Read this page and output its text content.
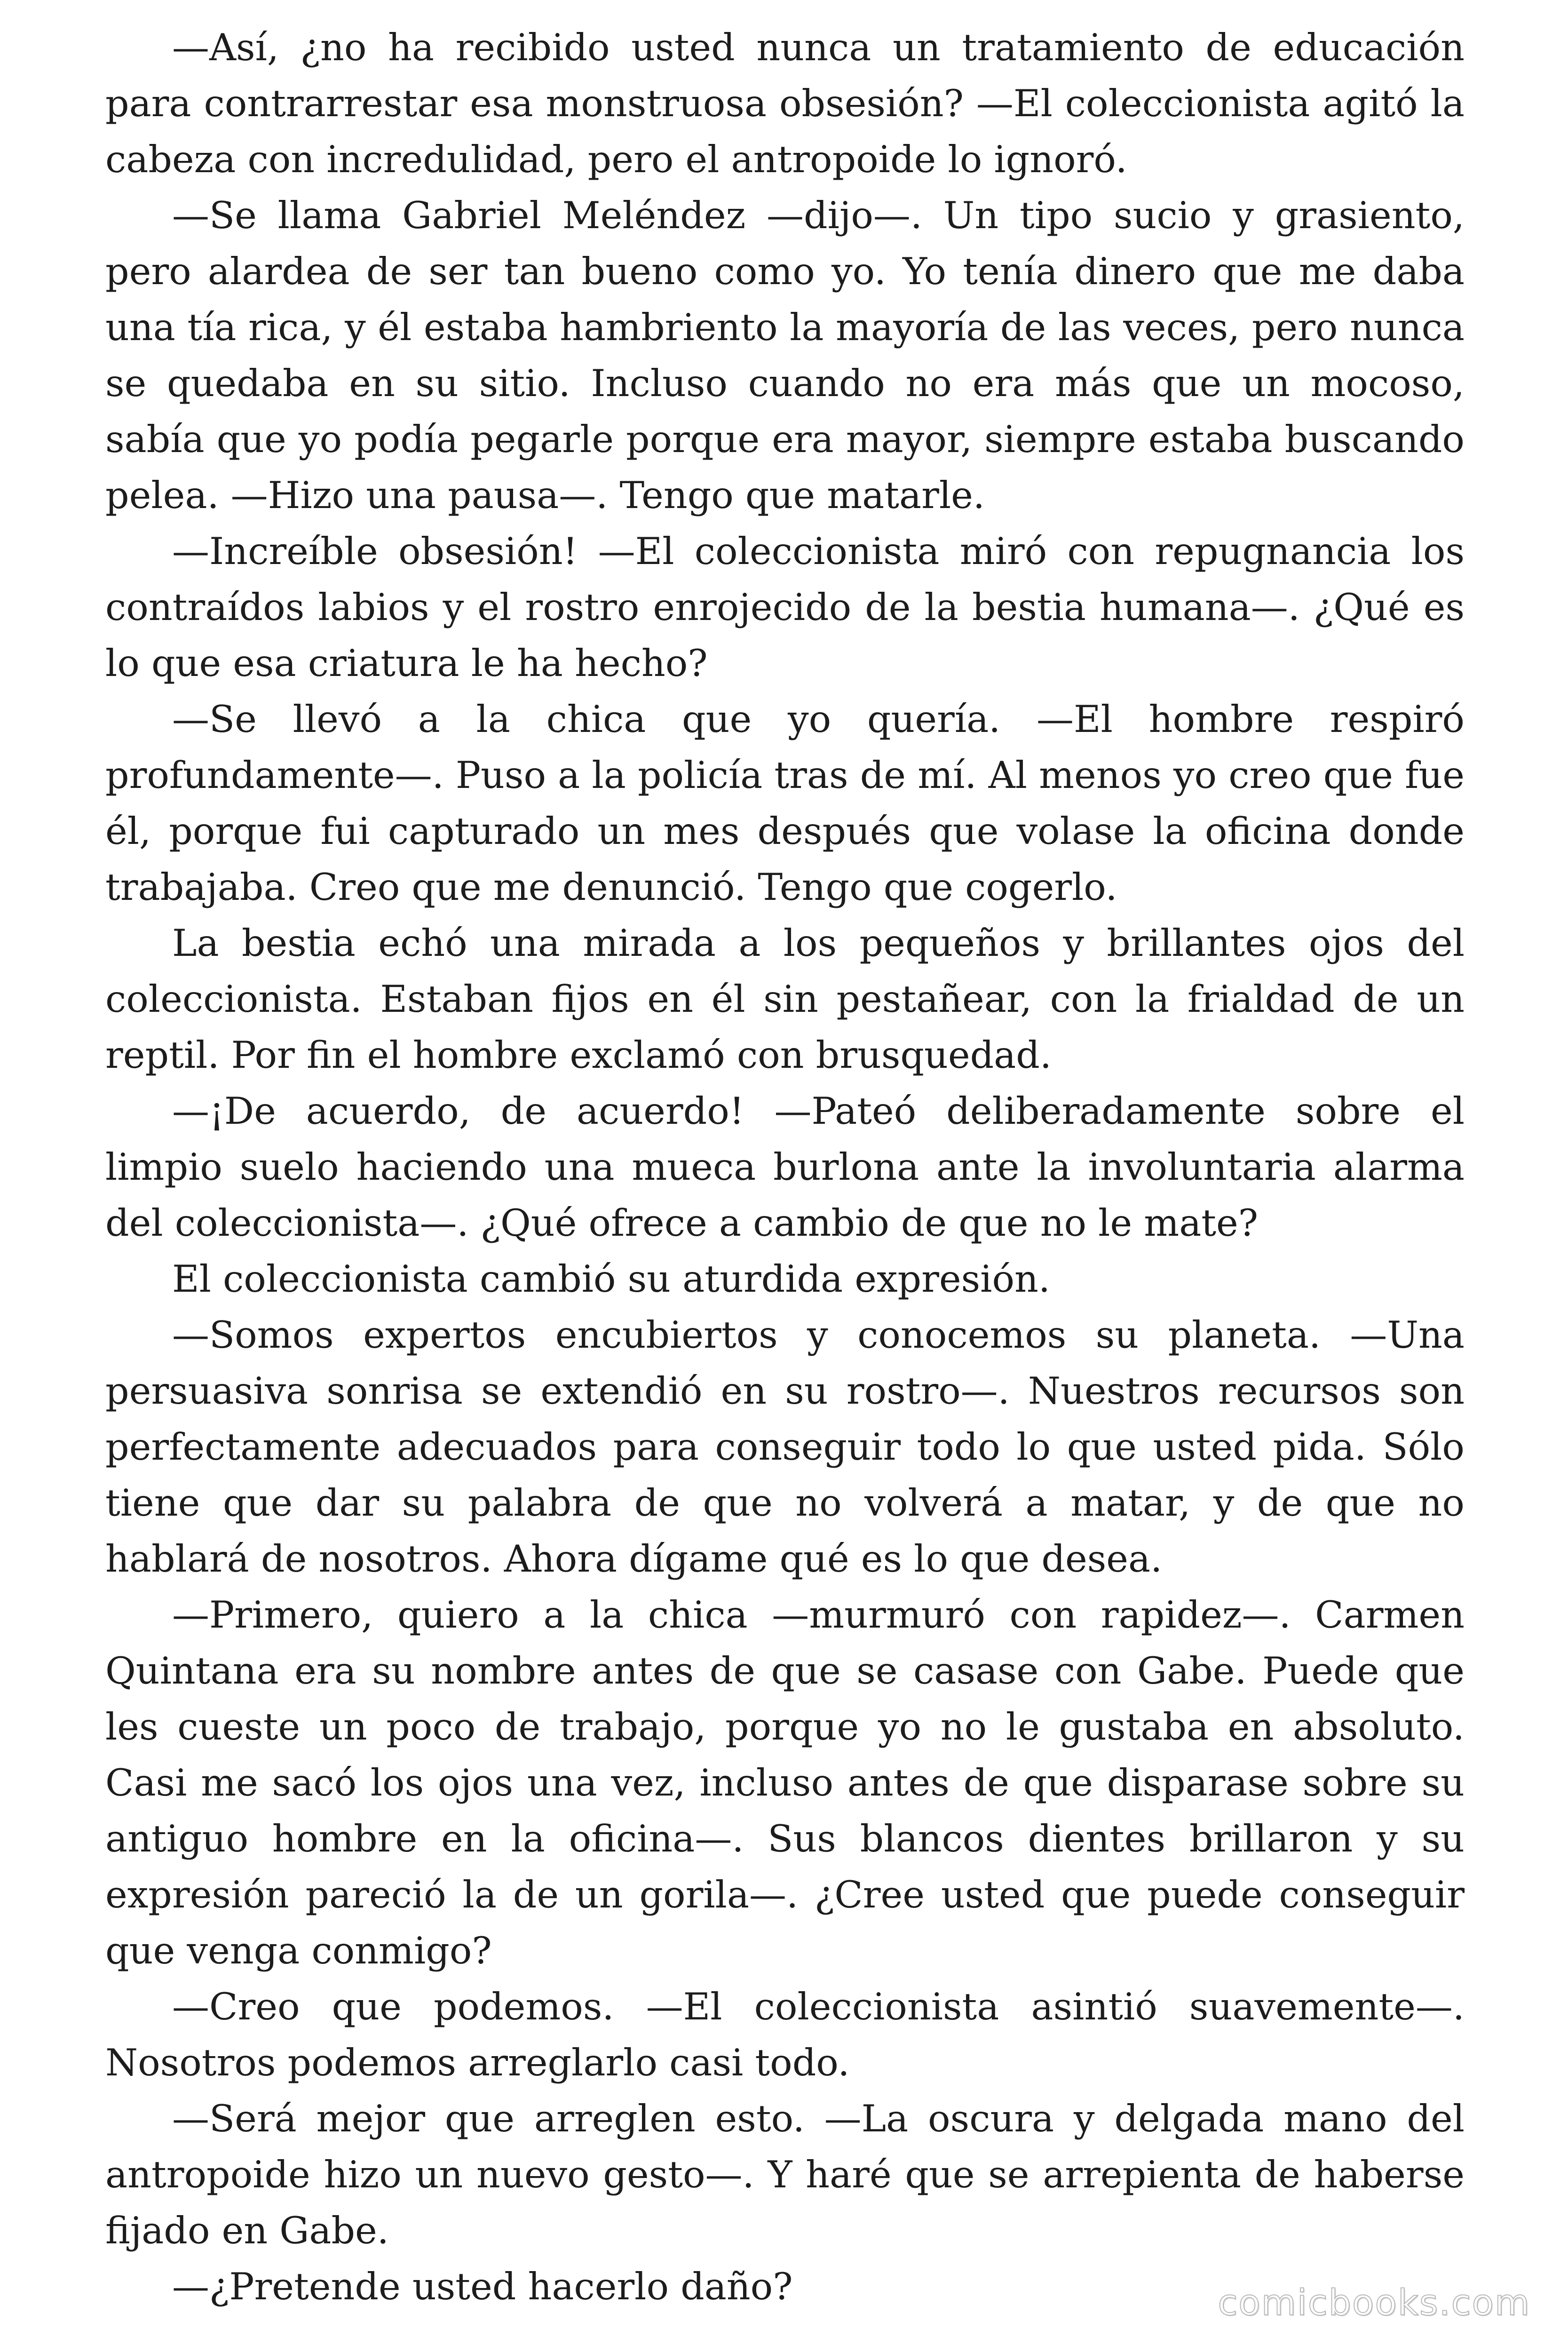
—Así, ¿no ha recibido usted nunca un tratamiento de educación para contrarrestar esa monstruosa obsesión? —El coleccionista agitó la cabeza con incredulidad, pero el antropoide lo ignoró.

—Se llama Gabriel Meléndez —dijo—. Un tipo sucio y grasiento, pero alardea de ser tan bueno como yo. Yo tenía dinero que me daba una tía rica, y él estaba hambriento la mayoría de las veces, pero nunca se quedaba en su sitio. Incluso cuando no era más que un mocoso, sabía que yo podía pegarle porque era mayor, siempre estaba buscando pelea. —Hizo una pausa—. Tengo que matarle.

—Increíble obsesión! —El coleccionista miró con repugnancia los contraídos labios y el rostro enrojecido de la bestia humana—. ¿Qué es lo que esa criatura le ha hecho?

—Se llevó a la chica que yo quería. —El hombre respiró profundamente—. Puso a la policía tras de mí. Al menos yo creo que fue él, porque fui capturado un mes después que volase la oficina donde trabajaba. Creo que me denunció. Tengo que cogerlo.

La bestia echó una mirada a los pequeños y brillantes ojos del coleccionista. Estaban fijos en él sin pestañear, con la frialdad de un reptil. Por fin el hombre exclamó con brusquedad.

—¡De acuerdo, de acuerdo! —Pateó deliberadamente sobre el limpio suelo haciendo una mueca burlona ante la involuntaria alarma del coleccionista—. ¿Qué ofrece a cambio de que no le mate?

El coleccionista cambió su aturdida expresión.

—Somos expertos encubiertos y conocemos su planeta. —Una persuasiva sonrisa se extendió en su rostro—. Nuestros recursos son perfectamente adecuados para conseguir todo lo que usted pida. Sólo tiene que dar su palabra de que no volverá a matar, y de que no hablará de nosotros. Ahora dígame qué es lo que desea.

—Primero, quiero a la chica —murmuró con rapidez—. Carmen Quintana era su nombre antes de que se casase con Gabe. Puede que les cueste un poco de trabajo, porque yo no le gustaba en absoluto. Casi me sacó los ojos una vez, incluso antes de que disparase sobre su antiguo hombre en la oficina—. Sus blancos dientes brillaron y su expresión pareció la de un gorila—. ¿Cree usted que puede conseguir que venga conmigo?

—Creo que podemos. —El coleccionista asintió suavemente—. Nosotros podemos arreglarlo casi todo.

—Será mejor que arreglen esto. —La oscura y delgada mano del antropoide hizo un nuevo gesto—. Y haré que se arrepienta de haberse fijado en Gabe.

—¿Pretende usted hacerlo daño?	comicbooks.com
